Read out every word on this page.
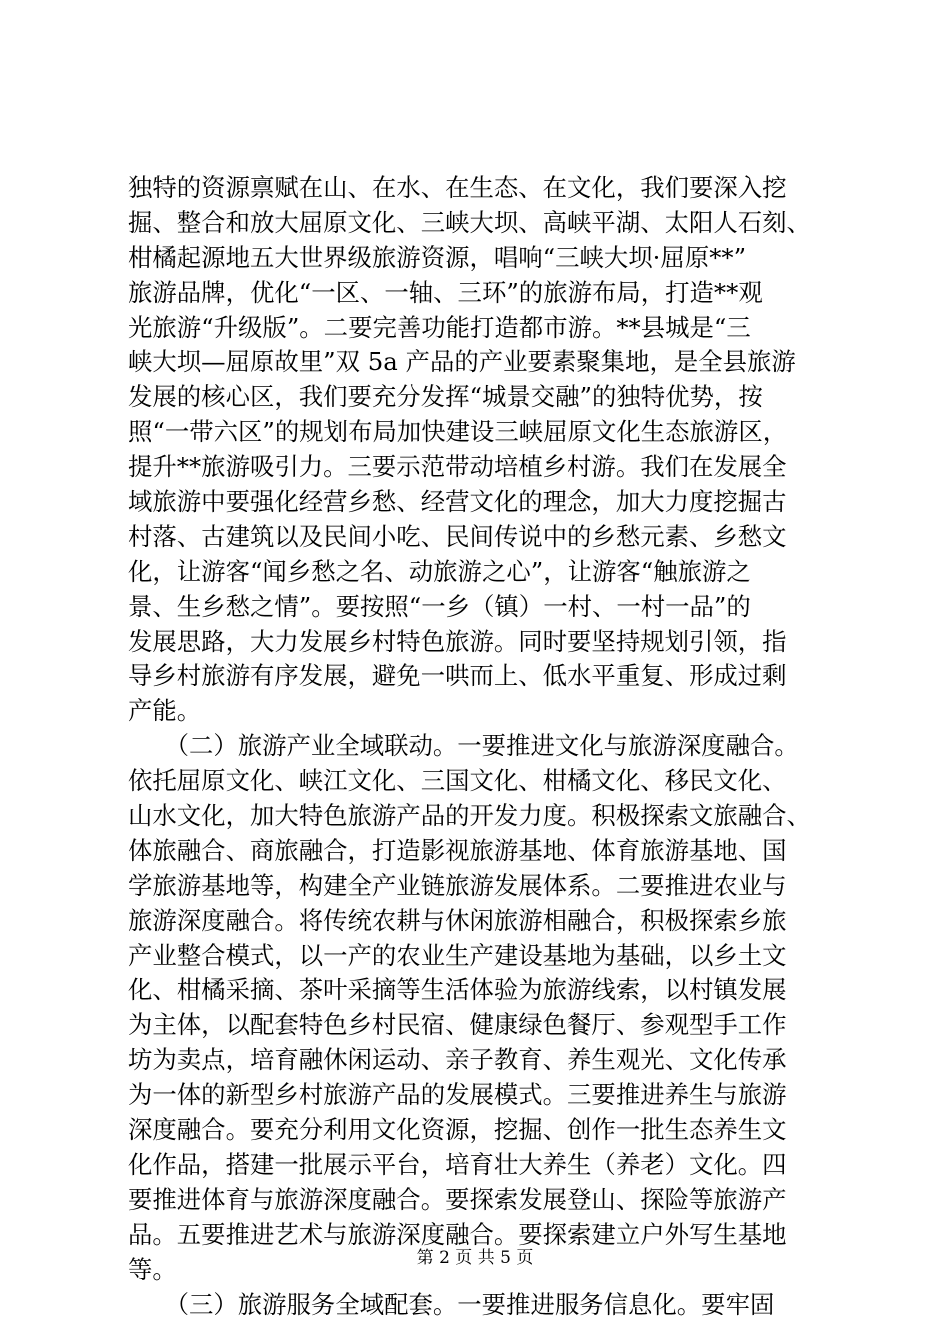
独特的资源禀赋在山、在水、在生态、在文化，我们要深入挖
掘、整合和放大屈原文化、三峡大坝、高峡平湖、太阳人石刻、
柑橘起源地五大世界级旅游资源，唱响“三峡大坝·屈原**”
旅游品牌，优化“一区、一轴、三环”的旅游布局，打造**观
光旅游“升级版”。二要完善功能打造都市游。**县城是“三
峡大坝—屈原故里”双 5a 产品的产业要素聚集地，是全县旅游
发展的核心区，我们要充分发挥“城景交融”的独特优势，按
照“一带六区”的规划布局加快建设三峡屈原文化生态旅游区，
提升**旅游吸引力。三要示范带动培植乡村游。我们在发展全
域旅游中要强化经营乡愁、经营文化的理念，加大力度挖掘古
村落、古建筑以及民间小吃、民间传说中的乡愁元素、乡愁文
化，让游客“闻乡愁之名、动旅游之心”，让游客“触旅游之
景、生乡愁之情”。要按照“一乡（镇）一村、一村一品”的
发展思路，大力发展乡村特色旅游。同时要坚持规划引领，指
导乡村旅游有序发展，避免一哄而上、低水平重复、形成过剩
产能。
　　（二）旅游产业全域联动。一要推进文化与旅游深度融合。
依托屈原文化、峡江文化、三国文化、柑橘文化、移民文化、
山水文化，加大特色旅游产品的开发力度。积极探索文旅融合、
体旅融合、商旅融合，打造影视旅游基地、体育旅游基地、国
学旅游基地等，构建全产业链旅游发展体系。二要推进农业与
旅游深度融合。将传统农耕与休闲旅游相融合，积极探索乡旅
产业整合模式，以一产的农业生产建设基地为基础，以乡土文
化、柑橘采摘、茶叶采摘等生活体验为旅游线索，以村镇发展
为主体，以配套特色乡村民宿、健康绿色餐厅、参观型手工作
坊为卖点，培育融休闲运动、亲子教育、养生观光、文化传承
为一体的新型乡村旅游产品的发展模式。三要推进养生与旅游
深度融合。要充分利用文化资源，挖掘、创作一批生态养生文
化作品，搭建一批展示平台，培育壮大养生（养老）文化。四
要推进体育与旅游深度融合。要探索发展登山、探险等旅游产
品。五要推进艺术与旅游深度融合。要探索建立户外写生基地
等。
　　（三）旅游服务全域配套。一要推进服务信息化。要牢固
第 2 页 共 5 页
